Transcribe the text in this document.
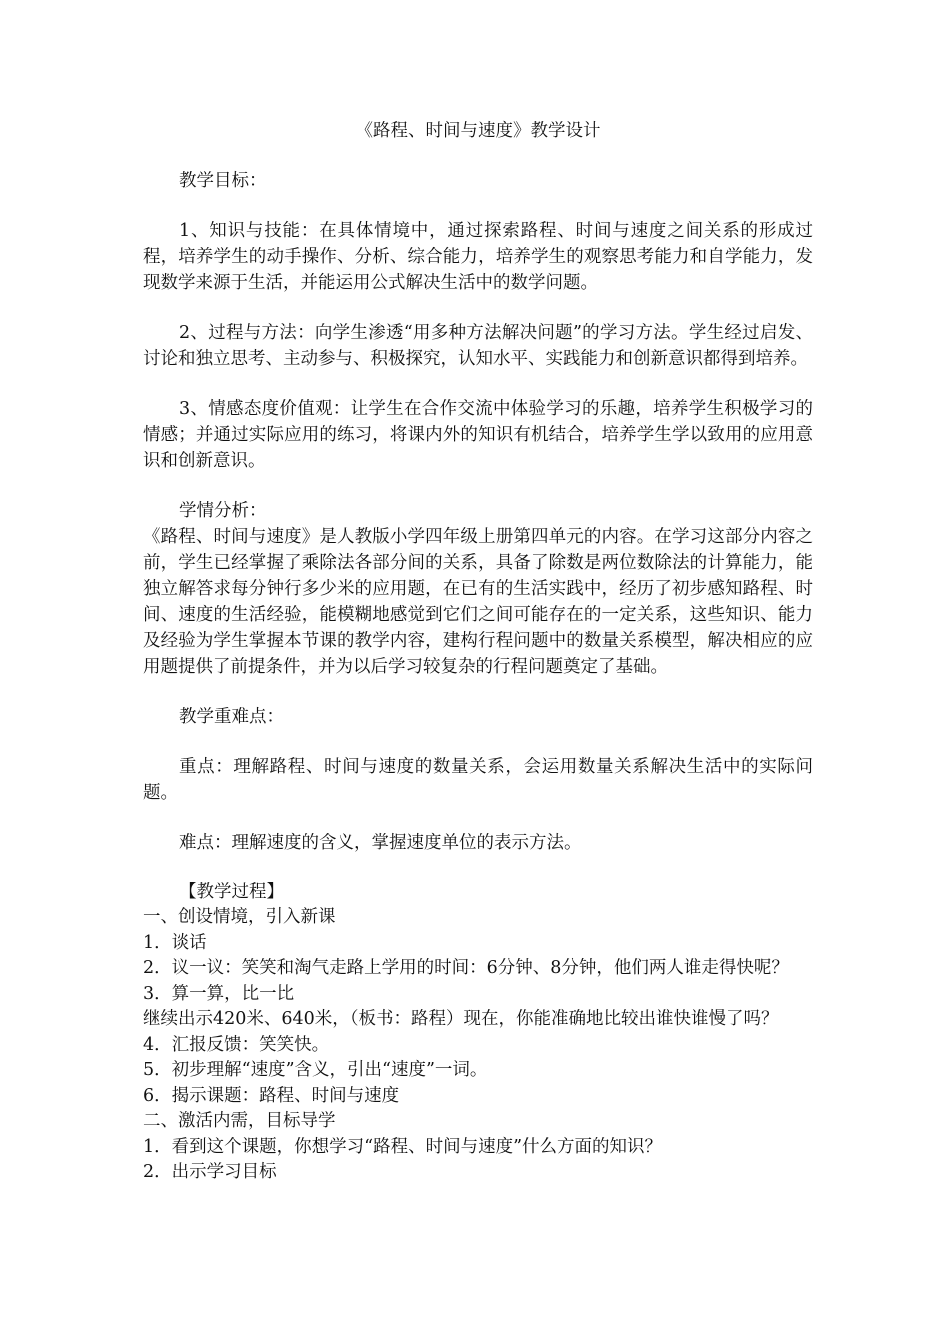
《路程、时间与速度》教学设计
教学目标：
1、知识与技能：在具体情境中，通过探索路程、时间与速度之间关系的形成过程，培养学生的动手操作、分析、综合能力，培养学生的观察思考能力和自学能力，发现数学来源于生活，并能运用公式解决生活中的数学问题。
2、过程与方法：向学生渗透“用多种方法解决问题”的学习方法。学生经过启发、讨论和独立思考、主动参与、积极探究，认知水平、实践能力和创新意识都得到培养。
3、情感态度价值观：让学生在合作交流中体验学习的乐趣，培养学生积极学习的情感；并通过实际应用的练习，将课内外的知识有机结合，培养学生学以致用的应用意识和创新意识。
学情分析：
《路程、时间与速度》是人教版小学四年级上册第四单元的内容。在学习这部分内容之前，学生已经掌握了乘除法各部分间的关系，具备了除数是两位数除法的计算能力，能独立解答求每分钟行多少米的应用题，在已有的生活实践中，经历了初步感知路程、时间、速度的生活经验，能模糊地感觉到它们之间可能存在的一定关系，这些知识、能力及经验为学生掌握本节课的教学内容，建构行程问题中的数量关系模型，解决相应的应用题提供了前提条件，并为以后学习较复杂的行程问题奠定了基础。
教学重难点：
重点：理解路程、时间与速度的数量关系，会运用数量关系解决生活中的实际问题。
难点：理解速度的含义，掌握速度单位的表示方法。
【教学过程】
一、创设情境，引入新课
1．谈话
2．议一议：笑笑和淘气走路上学用的时间：6分钟、8分钟，他们两人谁走得快呢？
3．算一算，比一比
继续出示420米、640米，（板书：路程）现在，你能准确地比较出谁快谁慢了吗？
4．汇报反馈：笑笑快。
5．初步理解“速度”含义，引出“速度”一词。
6．揭示课题：路程、时间与速度
二、激活内需，目标导学
1．看到这个课题，你想学习“路程、时间与速度”什么方面的知识？
2．出示学习目标
